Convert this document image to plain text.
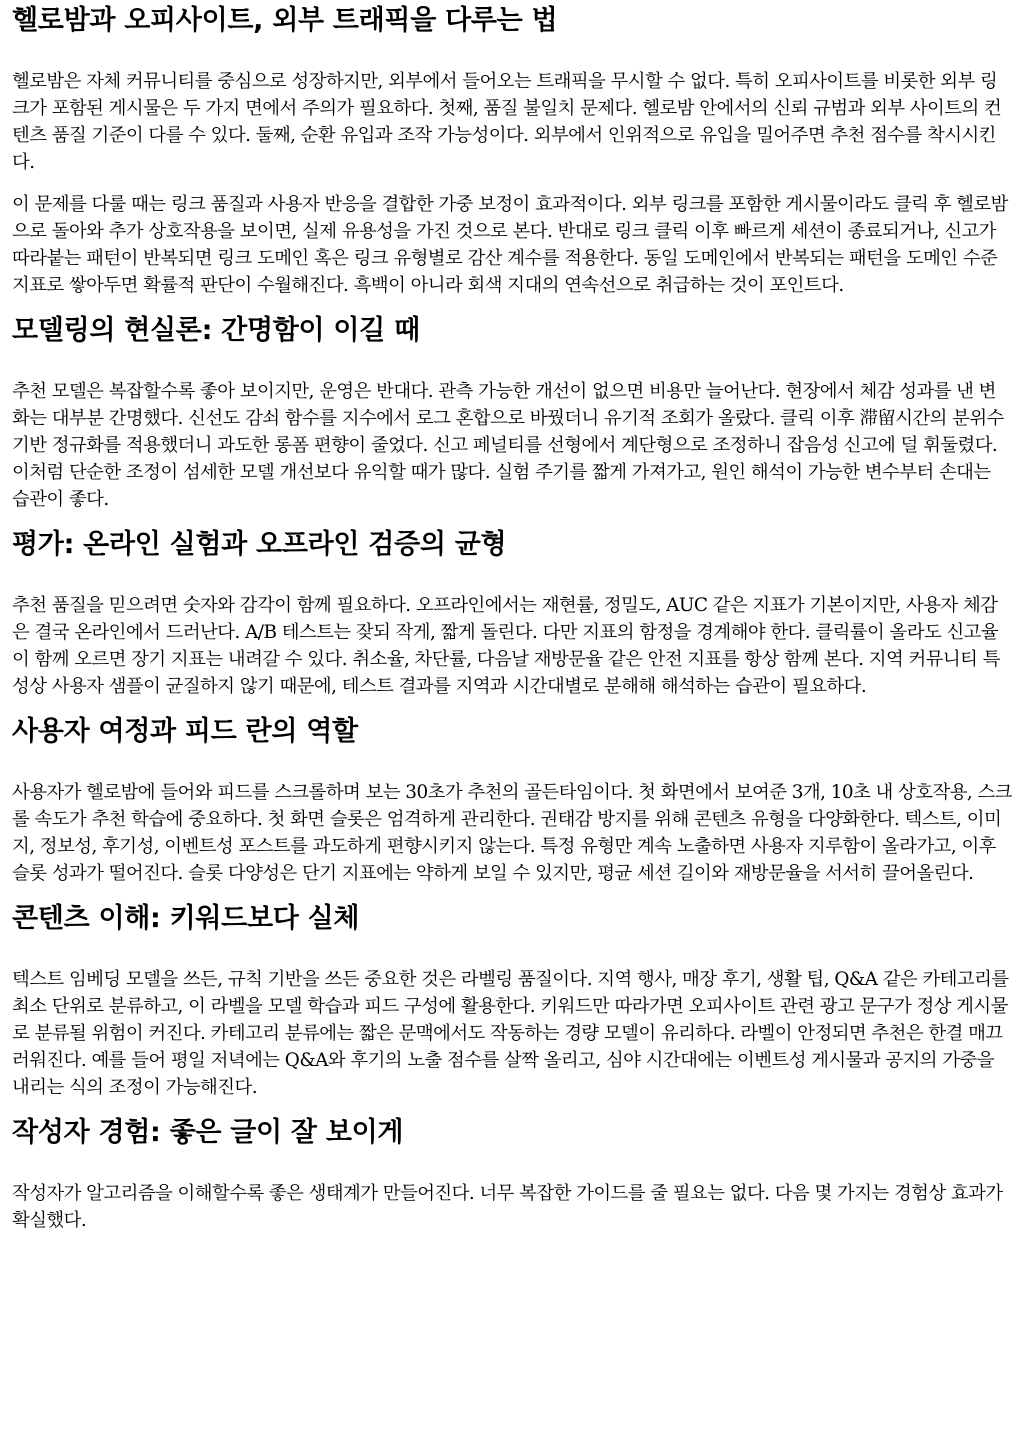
헬로밤과 오피사이트, 외부 트래픽을 다루는 법

헬로밤은 자체 커뮤니티를 중심으로 성장하지만, 외부에서 들어오는 트래픽을 무시할 수 없다. 특히 오피사이트를 비롯한 외부 링크가 포함된 게시물은 두 가지 면에서 주의가 필요하다. 첫째, 품질 불일치 문제다. 헬로밤 안에서의 신뢰 규범과 외부 사이트의 컨텐츠 품질 기준이 다를 수 있다. 둘째, 순환 유입과 조작 가능성이다. 외부에서 인위적으로 유입을 밀어주면 추천 점수를 착시시킨다.

이 문제를 다룰 때는 링크 품질과 사용자 반응을 결합한 가중 보정이 효과적이다. 외부 링크를 포함한 게시물이라도 클릭 후 헬로밤으로 돌아와 추가 상호작용을 보이면, 실제 유용성을 가진 것으로 본다. 반대로 링크 클릭 이후 빠르게 세션이 종료되거나, 신고가 따라붙는 패턴이 반복되면 링크 도메인 혹은 링크 유형별로 감산 계수를 적용한다. 동일 도메인에서 반복되는 패턴을 도메인 수준 지표로 쌓아두면 확률적 판단이 수월해진다. 흑백이 아니라 회색 지대의 연속선으로 취급하는 것이 포인트다.

모델링의 현실론: 간명함이 이길 때

추천 모델은 복잡할수록 좋아 보이지만, 운영은 반대다. 관측 가능한 개선이 없으면 비용만 늘어난다. 현장에서 체감 성과를 낸 변화는 대부분 간명했다. 신선도 감쇠 함수를 지수에서 로그 혼합으로 바꿨더니 유기적 조회가 올랐다. 클릭 이후 滞留시간의 분위수 기반 정규화를 적용했더니 과도한 롱폼 편향이 줄었다. 신고 페널티를 선형에서 계단형으로 조정하니 잡음성 신고에 덜 휘둘렸다. 이처럼 단순한 조정이 섬세한 모델 개선보다 유익할 때가 많다. 실험 주기를 짧게 가져가고, 원인 해석이 가능한 변수부터 손대는 습관이 좋다.

평가: 온라인 실험과 오프라인 검증의 균형

추천 품질을 믿으려면 숫자와 감각이 함께 필요하다. 오프라인에서는 재현률, 정밀도, AUC 같은 지표가 기본이지만, 사용자 체감은 결국 온라인에서 드러난다. A/B 테스트는 잦되 작게, 짧게 돌린다. 다만 지표의 함정을 경계해야 한다. 클릭률이 올라도 신고율이 함께 오르면 장기 지표는 내려갈 수 있다. 취소율, 차단률, 다음날 재방문율 같은 안전 지표를 항상 함께 본다. 지역 커뮤니티 특성상 사용자 샘플이 균질하지 않기 때문에, 테스트 결과를 지역과 시간대별로 분해해 해석하는 습관이 필요하다.

사용자 여정과 피드 란의 역할

사용자가 헬로밤에 들어와 피드를 스크롤하며 보는 30초가 추천의 골든타임이다. 첫 화면에서 보여준 3개, 10초 내 상호작용, 스크롤 속도가 추천 학습에 중요하다. 첫 화면 슬롯은 엄격하게 관리한다. 권태감 방지를 위해 콘텐츠 유형을 다양화한다. 텍스트, 이미지, 정보성, 후기성, 이벤트성 포스트를 과도하게 편향시키지 않는다. 특정 유형만 계속 노출하면 사용자 지루함이 올라가고, 이후 슬롯 성과가 떨어진다. 슬롯 다양성은 단기 지표에는 약하게 보일 수 있지만, 평균 세션 길이와 재방문율을 서서히 끌어올린다.

콘텐츠 이해: 키워드보다 실체

텍스트 임베딩 모델을 쓰든, 규칙 기반을 쓰든 중요한 것은 라벨링 품질이다. 지역 행사, 매장 후기, 생활 팁, Q&A 같은 카테고리를 최소 단위로 분류하고, 이 라벨을 모델 학습과 피드 구성에 활용한다. 키워드만 따라가면 오피사이트 관련 광고 문구가 정상 게시물로 분류될 위험이 커진다. 카테고리 분류에는 짧은 문맥에서도 작동하는 경량 모델이 유리하다. 라벨이 안정되면 추천은 한결 매끄러워진다. 예를 들어 평일 저녁에는 Q&A와 후기의 노출 점수를 살짝 올리고, 심야 시간대에는 이벤트성 게시물과 공지의 가중을 내리는 식의 조정이 가능해진다.

작성자 경험: 좋은 글이 잘 보이게

작성자가 알고리즘을 이해할수록 좋은 생태계가 만들어진다. 너무 복잡한 가이드를 줄 필요는 없다. 다음 몇 가지는 경험상 효과가 확실했다.
